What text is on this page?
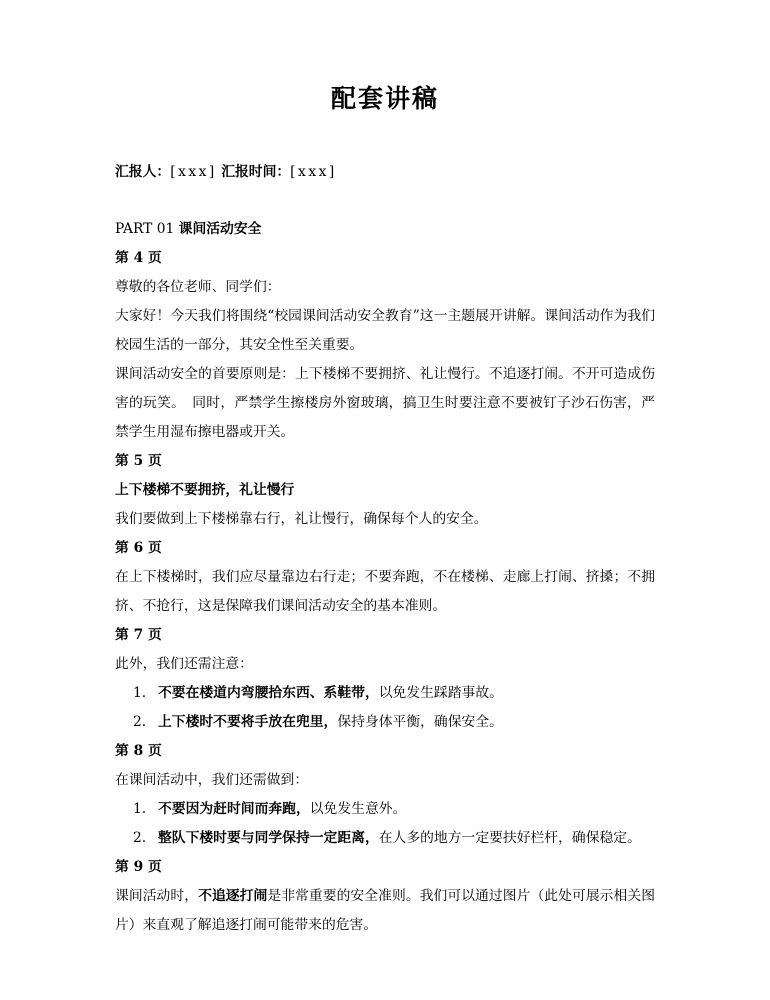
配套讲稿

汇报人：[xxx] 汇报时间：[xxx]

PART 01 课间活动安全

第 4 页

尊敬的各位老师、同学们：

大家好！今天我们将围绕“校园课间活动安全教育”这一主题展开讲解。课间活动作为我们校园生活的一部分，其安全性至关重要。

课间活动安全的首要原则是：上下楼梯不要拥挤、礼让慢行。不追逐打闹。不开可造成伤害的玩笑。　同时，严禁学生擦楼房外窗玻璃，搞卫生时要注意不要被钉子沙石伤害，严禁学生用湿布擦电器或开关。

第 5 页

上下楼梯不要拥挤，礼让慢行

我们要做到上下楼梯靠右行，礼让慢行，确保每个人的安全。

第 6 页

在上下楼梯时，我们应尽量靠边右行走；不要奔跑，不在楼梯、走廊上打闹、挤搡；不拥挤、不抢行，这是保障我们课间活动安全的基本准则。

第 7 页

此外，我们还需注意：

1. 不要在楼道内弯腰拾东西、系鞋带，以免发生踩踏事故。
2. 上下楼时不要将手放在兜里，保持身体平衡，确保安全。

第 8 页

在课间活动中，我们还需做到：

1. 不要因为赶时间而奔跑，以免发生意外。
2. 整队下楼时要与同学保持一定距离，在人多的地方一定要扶好栏杆，确保稳定。

第 9 页

课间活动时，不追逐打闹是非常重要的安全准则。我们可以通过图片（此处可展示相关图片）来直观了解追逐打闹可能带来的危害。
